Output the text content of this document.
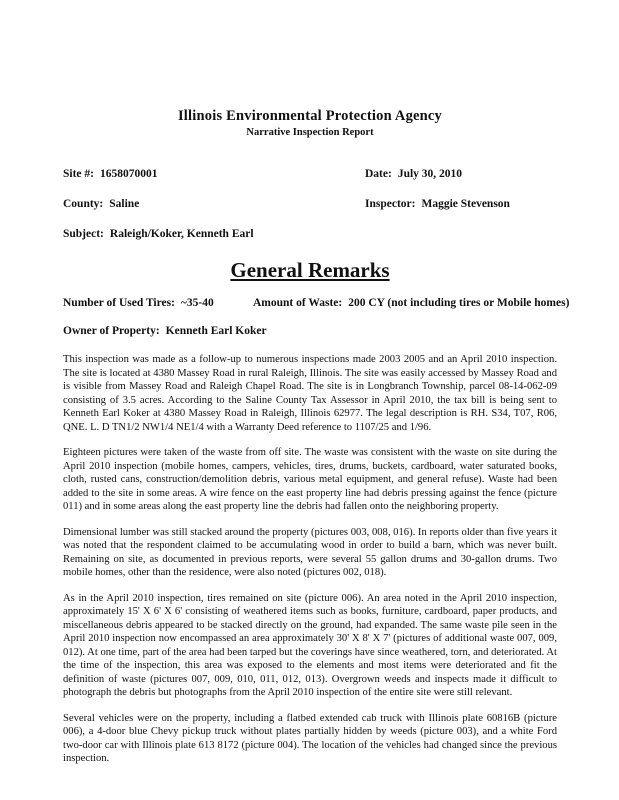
Illinois Environmental Protection Agency
Narrative Inspection Report
Site #: 1658070001	Date: July 30, 2010
County: Saline	Inspector: Maggie Stevenson
Subject: Raleigh/Koker, Kenneth Earl
General Remarks
Number of Used Tires: ~35-40	Amount of Waste: 200 CY (not including tires or Mobile homes)
Owner of Property: Kenneth Earl Koker

This inspection was made as a follow-up to numerous inspections made 2003 2005 and an April 2010 inspection. The site is located at 4380 Massey Road in rural Raleigh, Illinois. The site was easily accessed by Massey Road and is visible from Massey Road and Raleigh Chapel Road. The site is in Longbranch Township, parcel 08-14-062-09 consisting of 3.5 acres. According to the Saline County Tax Assessor in April 2010, the tax bill is being sent to Kenneth Earl Koker at 4380 Massey Road in Raleigh, Illinois 62977. The legal description is RH. S34, T07, R06, QNE. L. D TN1/2 NW1/4 NE1/4 with a Warranty Deed reference to 1107/25 and 1/96.

Eighteen pictures were taken of the waste from off site. The waste was consistent with the waste on site during the April 2010 inspection (mobile homes, campers, vehicles, tires, drums, buckets, cardboard, water saturated books, cloth, rusted cans, construction/demolition debris, various metal equipment, and general refuse). Waste had been added to the site in some areas. A wire fence on the east property line had debris pressing against the fence (picture 011) and in some areas along the east property line the debris had fallen onto the neighboring property.

Dimensional lumber was still stacked around the property (pictures 003, 008, 016). In reports older than five years it was noted that the respondent claimed to be accumulating wood in order to build a barn, which was never built. Remaining on site, as documented in previous reports, were several 55 gallon drums and 30-gallon drums. Two mobile homes, other than the residence, were also noted (pictures 002, 018).

As in the April 2010 inspection, tires remained on site (picture 006). An area noted in the April 2010 inspection, approximately 15' X 6' X 6' consisting of weathered items such as books, furniture, cardboard, paper products, and miscellaneous debris appeared to be stacked directly on the ground, had expanded. The same waste pile seen in the April 2010 inspection now encompassed an area approximately 30' X 8' X 7' (pictures of additional waste 007, 009, 012). At one time, part of the area had been tarped but the coverings have since weathered, torn, and deteriorated. At the time of the inspection, this area was exposed to the elements and most items were deteriorated and fit the definition of waste (pictures 007, 009, 010, 011, 012, 013). Overgrown weeds and inspects made it difficult to photograph the debris but photographs from the April 2010 inspection of the entire site were still relevant.

Several vehicles were on the property, including a flatbed extended cab truck with Illinois plate 60816B (picture 006), a 4-door blue Chevy pickup truck without plates partially hidden by weeds (picture 003), and a white Ford two-door car with Illinois plate 613 8172 (picture 004). The location of the vehicles had changed since the previous inspection.
